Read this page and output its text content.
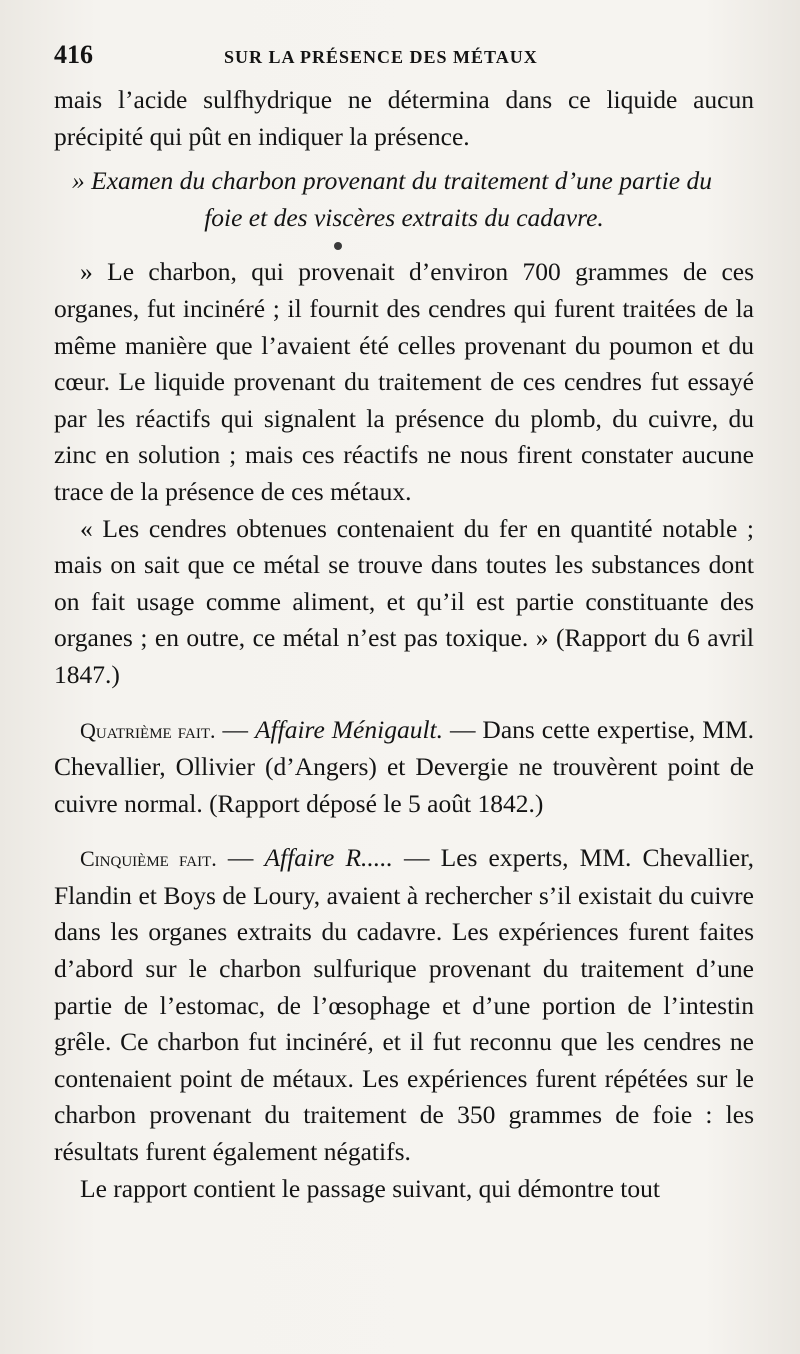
416	SUR LA PRÉSENCE DES MÉTAUX

mais l’acide sulfhydrique ne détermina dans ce liquide aucun précipité qui pût en indiquer la présence.

» Examen du charbon provenant du traitement d’une partie du
foie et des viscères extraits du cadavre.

» Le charbon, qui provenait d’environ 700 grammes de ces organes, fut incinéré ; il fournit des cendres qui furent traitées de la même manière que l’avaient été celles provenant du poumon et du cœur. Le liquide provenant du traitement de ces cendres fut essayé par les réactifs qui signalent la présence du plomb, du cuivre, du zinc en solution ; mais ces réactifs ne nous firent constater aucune trace de la présence de ces métaux.

« Les cendres obtenues contenaient du fer en quantité notable ; mais on sait que ce métal se trouve dans toutes les substances dont on fait usage comme aliment, et qu’il est partie constituante des organes ; en outre, ce métal n’est pas toxique. » (Rapport du 6 avril 1847.)

Quatrième fait. — Affaire Ménigault. — Dans cette expertise, MM. Chevallier, Ollivier (d’Angers) et Devergie ne trouvèrent point de cuivre normal. (Rapport déposé le 5 août 1842.)

Cinquième fait. — Affaire R..... — Les experts, MM. Chevallier, Flandin et Boys de Loury, avaient à rechercher s’il existait du cuivre dans les organes extraits du cadavre. Les expériences furent faites d’abord sur le charbon sulfurique provenant du traitement d’une partie de l’estomac, de l’œsophage et d’une portion de l’intestin grêle. Ce charbon fut incinéré, et il fut reconnu que les cendres ne contenaient point de métaux. Les expériences furent répétées sur le charbon provenant du traitement de 350 grammes de foie : les résultats furent également négatifs.

Le rapport contient le passage suivant, qui démontre tout
